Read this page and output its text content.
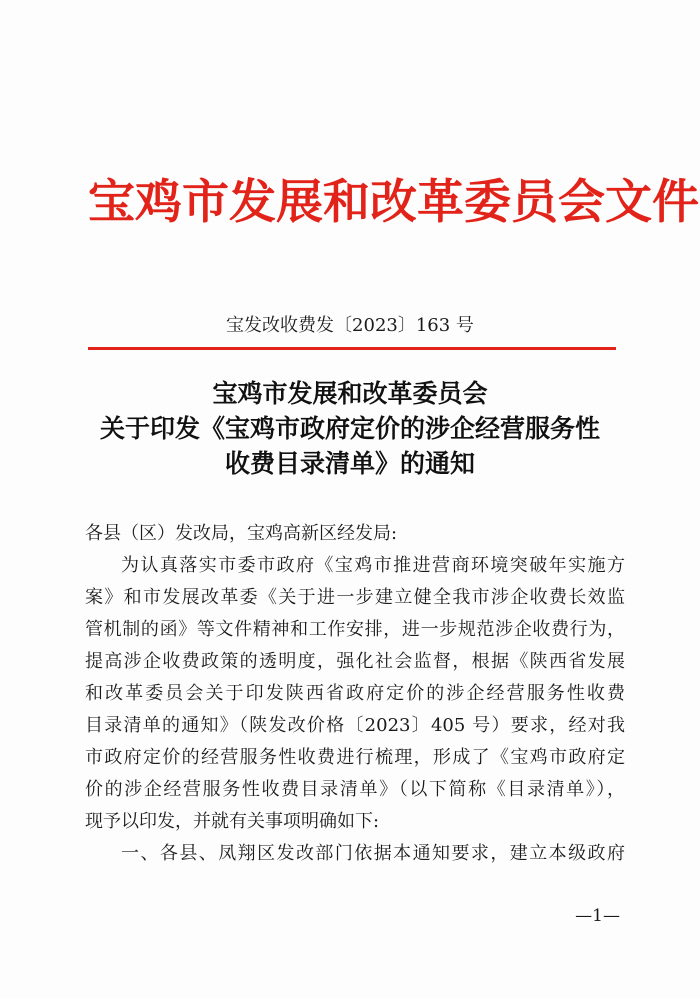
宝鸡市发展和改革委员会文件
宝发改收费发〔2023〕163 号
宝鸡市发展和改革委员会
关于印发《宝鸡市政府定价的涉企经营服务性
收费目录清单》的通知
各县（区）发改局，宝鸡高新区经发局:
为认真落实市委市政府《宝鸡市推进营商环境突破年实施方
案》和市发展改革委《关于进一步建立健全我市涉企收费长效监
管机制的函》等文件精神和工作安排，进一步规范涉企收费行为，
提高涉企收费政策的透明度，强化社会监督，根据《陕西省发展
和改革委员会关于印发陕西省政府定价的涉企经营服务性收费
目录清单的通知》（陕发改价格〔2023〕405 号）要求，经对我
市政府定价的经营服务性收费进行梳理，形成了《宝鸡市政府定
价的涉企经营服务性收费目录清单》（以下简称《目录清单》），
现予以印发，并就有关事项明确如下:
一、各县、凤翔区发改部门依据本通知要求，建立本级政府
—1—
